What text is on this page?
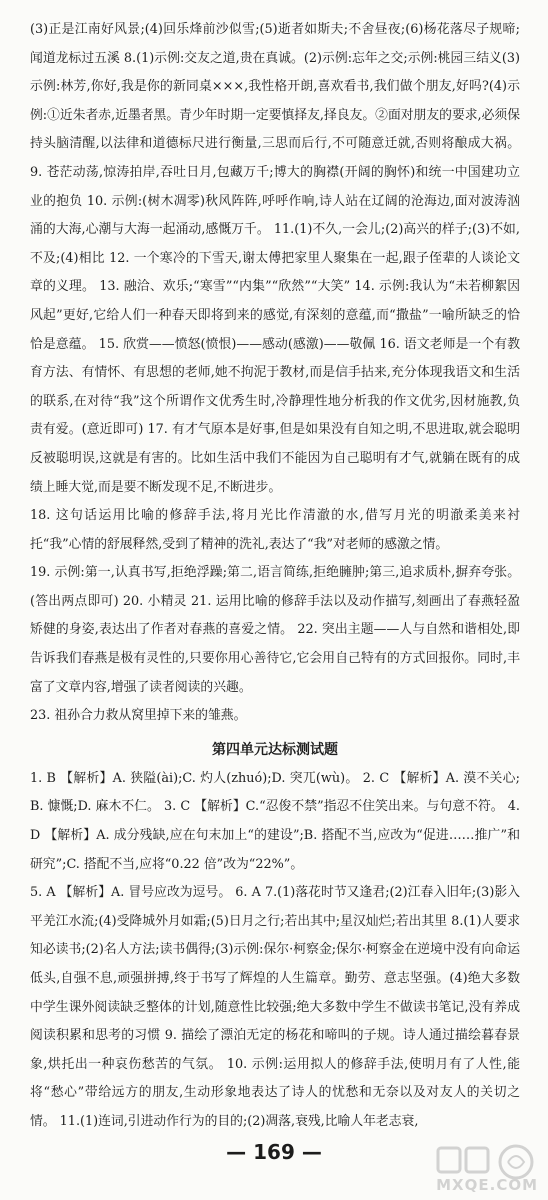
(3)正是江南好风景;(4)回乐烽前沙似雪;(5)逝者如斯夫;不舍昼夜;(6)杨花落尽子规啼;闻道龙标过五溪 8.(1)示例:交友之道,贵在真诚。(2)示例:忘年之交;示例:桃园三结义(3)示例:林芳,你好,我是你的新同桌×××,我性格开朗,喜欢看书,我们做个朋友,好吗?(4)示例:①近朱者赤,近墨者黑。青少年时期一定要慎择友,择良友。②面对朋友的要求,必须保持头脑清醒,以法律和道德标尺进行衡量,三思而后行,不可随意迁就,否则将酿成大祸。 9. 苍茫动荡,惊涛拍岸,吞吐日月,包藏万千;博大的胸襟(开阔的胸怀)和统一中国建功立业的抱负 10. 示例:(树木凋零)秋风阵阵,呼呼作响,诗人站在辽阔的沧海边,面对波涛汹涌的大海,心潮与大海一起涌动,感慨万千。 11.(1)不久,一会儿;(2)高兴的样子;(3)不如,不及;(4)相比 12. 一个寒冷的下雪天,谢太傅把家里人聚集在一起,跟子侄辈的人谈论文章的义理。 13. 融洽、欢乐;“寒雪”“内集”“欣然”“大笑” 14. 示例:我认为“未若柳絮因风起”更好,它给人们一种春天即将到来的感觉,有深刻的意蕴,而“撒盐”一喻所缺乏的恰恰是意蕴。 15. 欣赏——愤怒(愤恨)——感动(感激)——敬佩 16. 语文老师是一个有教育方法、有情怀、有思想的老师,她不拘泥于教材,而是信手拈来,充分体现我语文和生活的联系,在对待“我”这个所谓作文优秀生时,冷静理性地分析我的作文优劣,因材施教,负责有爱。(意近即可) 17. 有才气原本是好事,但是如果没有自知之明,不思进取,就会聪明反被聪明误,这就是有害的。比如生活中我们不能因为自己聪明有才气,就躺在既有的成绩上睡大觉,而是要不断发现不足,不断进步。

18. 这句话运用比喻的修辞手法,将月光比作清澈的水,借写月光的明澈柔美来衬托“我”心情的舒展释然,受到了精神的洗礼,表达了“我”对老师的感激之情。

19. 示例:第一,认真书写,拒绝浮躁;第二,语言简练,拒绝臃肿;第三,追求质朴,摒弃夸张。(答出两点即可) 20. 小精灵 21. 运用比喻的修辞手法以及动作描写,刻画出了春燕轻盈矫健的身姿,表达出了作者对春燕的喜爱之情。 22. 突出主题——人与自然和谐相处,即告诉我们春燕是极有灵性的,只要你用心善待它,它会用自己特有的方式回报你。同时,丰富了文章内容,增强了读者阅读的兴趣。

23. 祖孙合力救从窝里掉下来的雏燕。

第四单元达标测试题

1. B 【解析】A. 狭隘(ài);C. 灼人(zhuó);D. 突兀(wù)。 2. C 【解析】A. 漠不关心;B. 慷慨;D. 麻木不仁。 3. C 【解析】C.“忍俊不禁”指忍不住笑出来。与句意不符。 4. D 【解析】A. 成分残缺,应在句末加上“的建设”;B. 搭配不当,应改为“促进……推广”和研究”;C. 搭配不当,应将“0.22 倍”改为“22%”。

5. A 【解析】A. 冒号应改为逗号。 6. A 7.(1)落花时节又逢君;(2)江春入旧年;(3)影入平羌江水流;(4)受降城外月如霜;(5)日月之行;若出其中;星汉灿烂;若出其里 8.(1)人要求知必读书;(2)名人方法;读书偶得;(3)示例:保尔·柯察金;保尔·柯察金在逆境中没有向命运低头,自强不息,顽强拼搏,终于书写了辉煌的人生篇章。勤劳、意志坚强。(4)绝大多数中学生课外阅读缺乏整体的计划,随意性比较强;绝大多数中学生不做读书笔记,没有养成阅读积累和思考的习惯 9. 描绘了漂泊无定的杨花和啼叫的子规。诗人通过描绘暮春景象,烘托出一种哀伤愁苦的气氛。 10. 示例:运用拟人的修辞手法,使明月有了人性,能将“愁心”带给远方的朋友,生动形象地表达了诗人的忧愁和无奈以及对友人的关切之情。 11.(1)连词,引进动作行为的目的;(2)凋落,衰残,比喻人年老志衰,

— 169 —
MXQE.COM
